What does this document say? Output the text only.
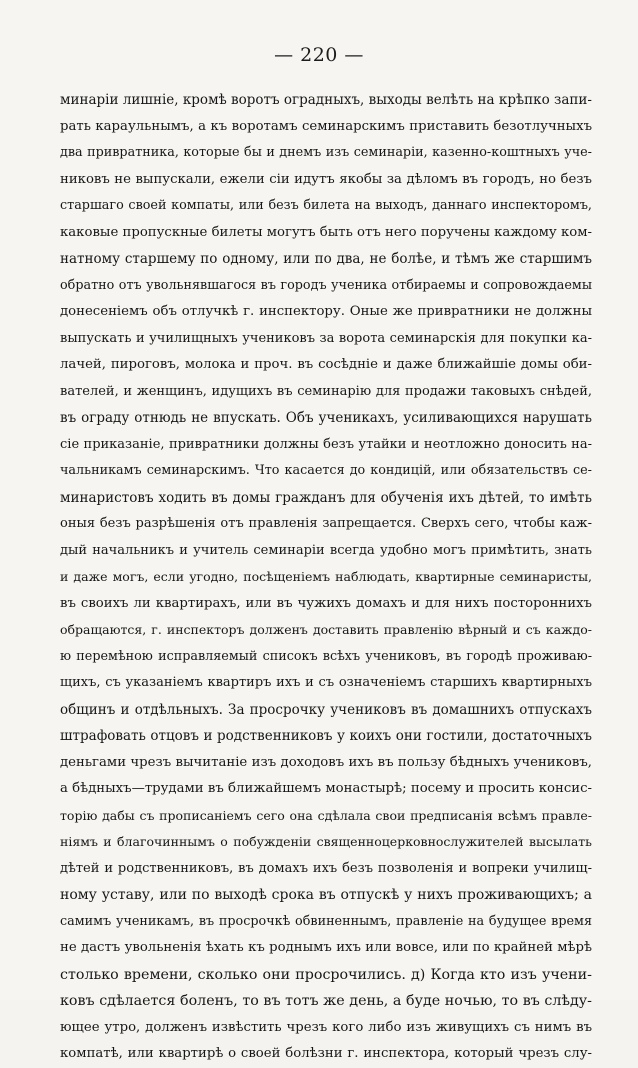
— 220 —
минарiи лишнiе, кромѣ воротъ оградныхъ, выходы велѣть на крѣпко запи-
рать караульнымъ, а къ воротамъ семинарскимъ приставить безотлучныхъ
два привратника, которые бы и днемъ изъ семинарiи, казенно-коштныхъ уче-
никовъ не выпускали, ежели сiи идутъ якобы за дѣломъ въ городъ, но безъ
старшаго своей компаты, или безъ билета на выходъ, даннаго инспекторомъ,
каковые пропускные билеты могутъ быть отъ него поручены каждому ком-
натному старшему по одному, или по два, не болѣе, и тѣмъ же старшимъ
обратно отъ увольнявшагося въ городъ ученика отбираемы и сопровождаемы
донесенiемъ объ отлучкѣ г. инспектору. Оные же привратники не должны
выпускать и училищныхъ учениковъ за ворота семинарскiя для покупки ка-
лачей, пироговъ, молока и проч. въ сосѣднiе и даже ближайшiе домы оби-
вателей, и женщинъ, идущихъ въ семинарiю для продажи таковыхъ снѣдей,
въ ограду отнюдь не впускать. Объ ученикахъ, усиливающихся нарушать
сiе приказанiе, привратники должны безъ утайки и неотложно доносить на-
чальникамъ семинарскимъ. Что касается до кондицiй, или обязательствъ се-
минаристовъ ходить въ домы гражданъ для обученiя ихъ дѣтей, то имѣть
оныя безъ разрѣшенiя отъ правленiя запрещается. Сверхъ сего, чтобы каж-
дый начальникъ и учитель семинарiи всегда удобно могъ примѣтить, знать
и даже могъ, если угодно, посѣщенiемъ наблюдать, квартирные семинаристы,
въ своихъ ли квартирахъ, или въ чужихъ домахъ и для нихъ постороннихъ
обращаются, г. инспекторъ долженъ доставить правленiю вѣрный и съ каждо-
ю перемѣною исправляемый списокъ всѣхъ учениковъ, въ городѣ проживаю-
щихъ, съ указанiемъ квартиръ ихъ и съ означенiемъ старшихъ квартирныхъ
общинъ и отдѣльныхъ. За просрочку учениковъ въ домашнихъ отпускахъ
штрафовать отцовъ и родственниковъ у коихъ они гостили, достаточныхъ
деньгами чрезъ вычитанiе изъ доходовъ ихъ въ пользу бѣдныхъ учениковъ,
а бѣдныхъ—трудами въ ближайшемъ монастырѣ; посему и просить консис-
торiю дабы съ прописанiемъ сего она сдѣлала свои предписанiя всѣмъ правле-
нiямъ и благочиннымъ о побужденiи священноцерковнослужителей высылать
дѣтей и родственниковъ, въ домахъ ихъ безъ позволенiя и вопреки училищ-
ному уставу, или по выходѣ срока въ отпускѣ у нихъ проживающихъ; а
самимъ ученикамъ, въ просрочкѣ обвиненнымъ, правленiе на будущее время
не дастъ увольненiя ѣхать къ роднымъ ихъ или вовсе, или по крайней мѣрѣ
столько времени, сколько они просрочились. д) Когда кто изъ учени-
ковъ сдѣлается боленъ, то въ тотъ же день, а буде ночью, то въ слѣду-
ющее утро, долженъ извѣстить чрезъ кого либо изъ живущихъ съ нимъ въ
компатѣ, или квартирѣ о своей болѣзни г. инспектора, который чрезъ слу-
